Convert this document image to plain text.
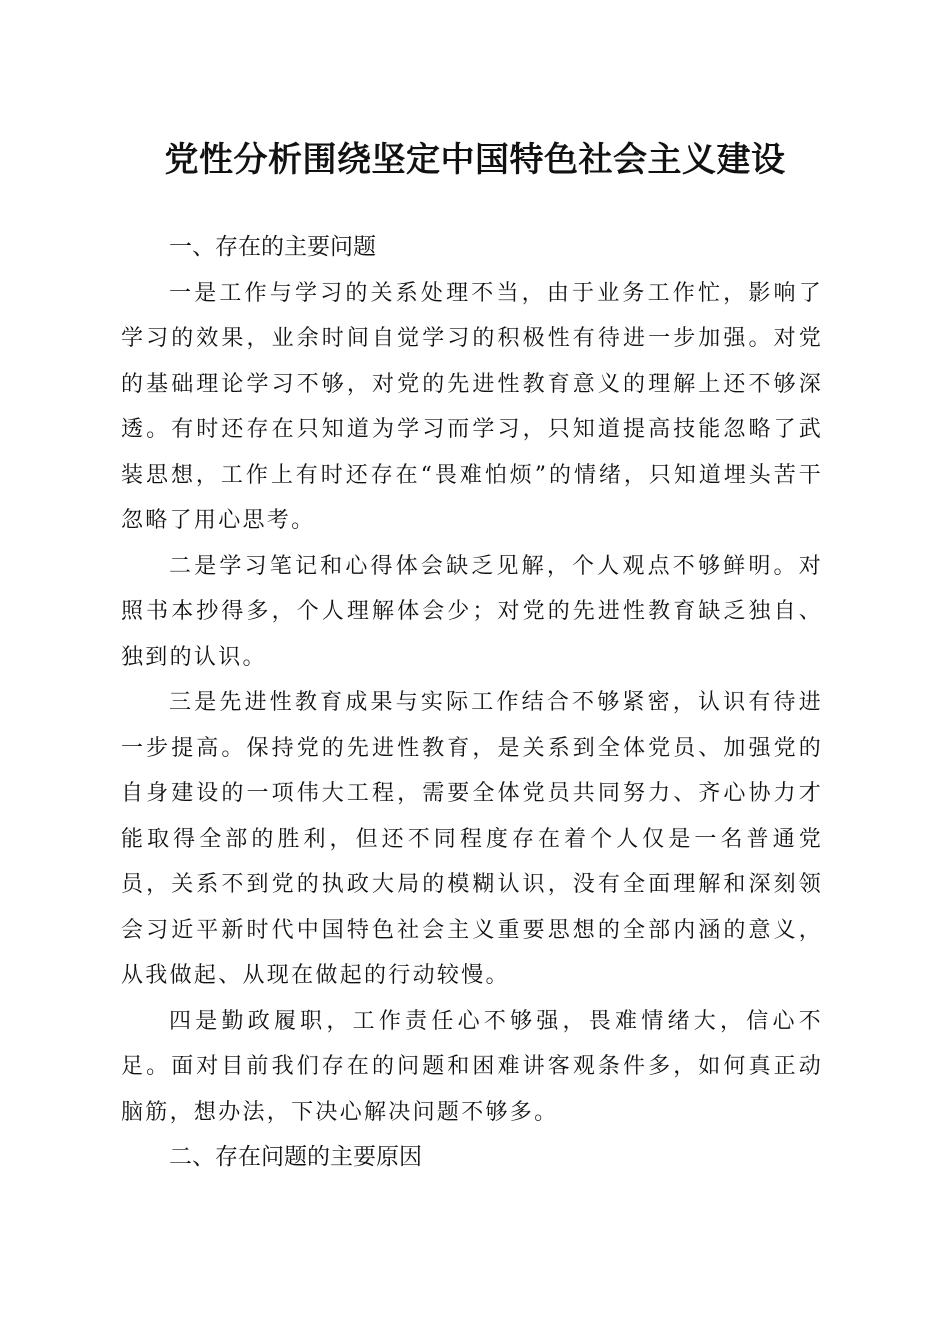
党性分析围绕坚定中国特色社会主义建设

一、存在的主要问题

一是工作与学习的关系处理不当，由于业务工作忙，影响了学习的效果，业余时间自觉学习的积极性有待进一步加强。对党的基础理论学习不够，对党的先进性教育意义的理解上还不够深透。有时还存在只知道为学习而学习，只知道提高技能忽略了武装思想，工作上有时还存在“畏难怕烦”的情绪，只知道埋头苦干忽略了用心思考。

二是学习笔记和心得体会缺乏见解，个人观点不够鲜明。对照书本抄得多，个人理解体会少；对党的先进性教育缺乏独自、独到的认识。

三是先进性教育成果与实际工作结合不够紧密，认识有待进一步提高。保持党的先进性教育，是关系到全体党员、加强党的自身建设的一项伟大工程，需要全体党员共同努力、齐心协力才能取得全部的胜利，但还不同程度存在着个人仅是一名普通党员，关系不到党的执政大局的模糊认识，没有全面理解和深刻领会习近平新时代中国特色社会主义重要思想的全部内涵的意义，从我做起、从现在做起的行动较慢。

四是勤政履职，工作责任心不够强，畏难情绪大，信心不足。面对目前我们存在的问题和困难讲客观条件多，如何真正动脑筋，想办法，下决心解决问题不够多。

二、存在问题的主要原因
